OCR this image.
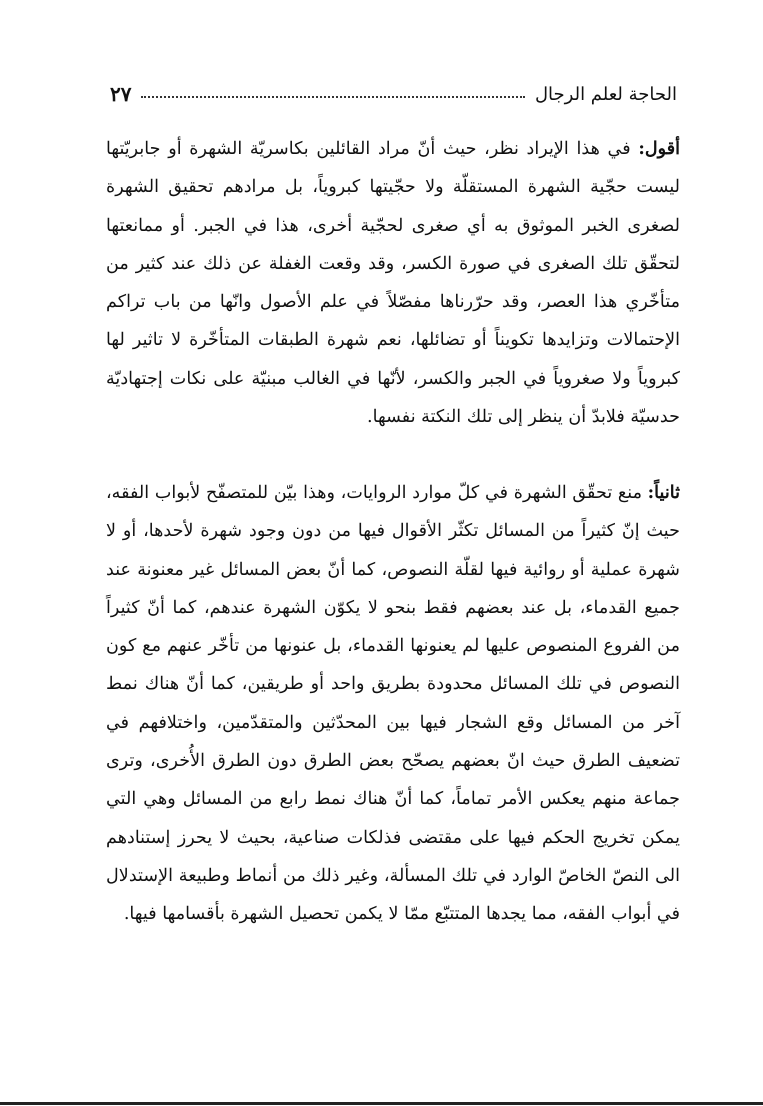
الحاجة لعلم الرجال
٢٧

أقول: في هذا الإيراد نظر، حيث أنّ مراد القائلين بكاسريّة الشهرة أو جابريّتها ليست حجّية الشهرة المستقلّة ولا حجّيتها كبروياً، بل مرادهم تحقيق الشهرة لصغرى الخبر الموثوق به أي صغرى لحجّية أخرى، هذا في الجبر. أو ممانعتها لتحقّق تلك الصغرى في صورة الكسر، وقد وقعت الغفلة عن ذلك عند كثير من متأخّري هذا العصر، وقد حرّرناها مفصّلاً في علم الأصول وانّها من باب تراكم الإحتمالات وتزايدها تكويناً أو تضائلها، نعم شهرة الطبقات المتأخّرة لا تاثير لها كبروياً ولا صغروياً في الجبر والكسر، لأنّها في الغالب مبنيّة على نكات إجتهاديّة حدسيّة فلابدّ أن ينظر إلى تلك النكتة نفسها.

ثانياً: منع تحقّق الشهرة في كلّ موارد الروايات، وهذا بيّن للمتصفّح لأبواب الفقه، حيث إنّ كثيراً من المسائل تكثّر الأقوال فيها من دون وجود شهرة لأحدها، أو لا شهرة عملية أو روائية فيها لقلّة النصوص، كما أنّ بعض المسائل غير معنونة عند جميع القدماء، بل عند بعضهم فقط بنحو لا يكوّن الشهرة عندهم، كما أنّ كثيراً من الفروع المنصوص عليها لم يعنونها القدماء، بل عنونها من تأخّر عنهم مع كون النصوص في تلك المسائل محدودة بطريق واحد أو طريقين، كما أنّ هناك نمط آخر من المسائل وقع الشجار فيها بين المحدّثين والمتقدّمين، واختلافهم في تضعيف الطرق حيث انّ بعضهم يصحّح بعض الطرق دون الطرق الأُخرى، وترى جماعة منهم يعكس الأمر تماماً، كما أنّ هناك نمط رابع من المسائل وهي التي يمكن تخريج الحكم فيها على مقتضى فذلكات صناعية، بحيث لا يحرز إستنادهم الى النصّ الخاصّ الوارد في تلك المسألة، وغير ذلك من أنماط وطبيعة الإستدلال في أبواب الفقه، مما يجدها المتتبّع ممّا لا يكمن تحصيل الشهرة بأقسامها فيها.
